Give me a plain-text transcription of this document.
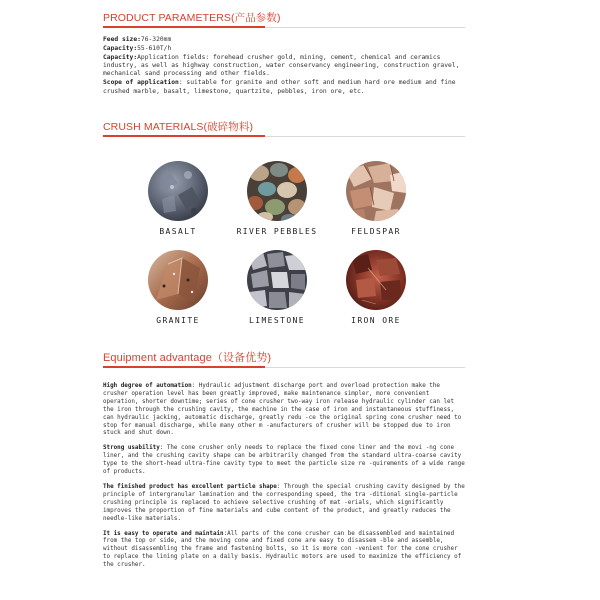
PRODUCT PARAMETERS(产品参数)

Feed size:76-320mm

Capacity:55-610T/h

Capacity:Application fields: forehead crusher gold, mining, cement, chemical and ceramics industry, as well as highway construction, water conservancy engineering, construction gravel, mechanical sand processing and other fields.

Scope of application: suitable for granite and other soft and medium hard ore medium and fine crushed marble, basalt, limestone, quartzite, pebbles, iron ore, etc.

CRUSH MATERIALS(破碎物料)
BASALT	RIVER PEBBLES	FELDSPAR
GRANITE	LIMESTONE	IRON ORE
Equipment advantage（设备优势)

High degree of automation: Hydraulic adjustment discharge port and overload protection make the crusher operation level has been greatly improved, make maintenance simpler, more convenient operation, shorter downtime; series of cone crusher two-way iron release hydraulic cylinder can let the iron through the crushing cavity, the machine in the case of iron and instantaneous stuffiness, can hydraulic jacking, automatic discharge, greatly redu -ce the original spring cone crusher need to stop for manual discharge, while many other m -anufacturers of crusher will be stopped due to iron stuck and shut down.

Strong usability: The cone crusher only needs to replace the fixed cone liner and the movi -ng cone liner, and the crushing cavity shape can be arbitrarily changed from the standard ultra-coarse cavity type to the short-head ultra-fine cavity type to meet the particle size re -quirements of a wide range of products.

The finished product has excellent particle shape: Through the special crushing cavity designed by the principle of intergranular lamination and the corresponding speed, the tra -ditional single-particle crushing principle is replaced to achieve selective crushing of mat -erials, which significantly improves the proportion of fine materials and cube content of the product, and greatly reduces the needle-like materials.

It is easy to operate and maintain:All parts of the cone crusher can be disassembled and maintained from the top or side, and the moving cone and fixed cone are easy to disassem -ble and assemble, without disassembling the frame and fastening bolts, so it is more con -venient for the cone crusher to replace the lining plate on a daily basis. Hydraulic motors are used to maximize the efficiency of the crusher.
